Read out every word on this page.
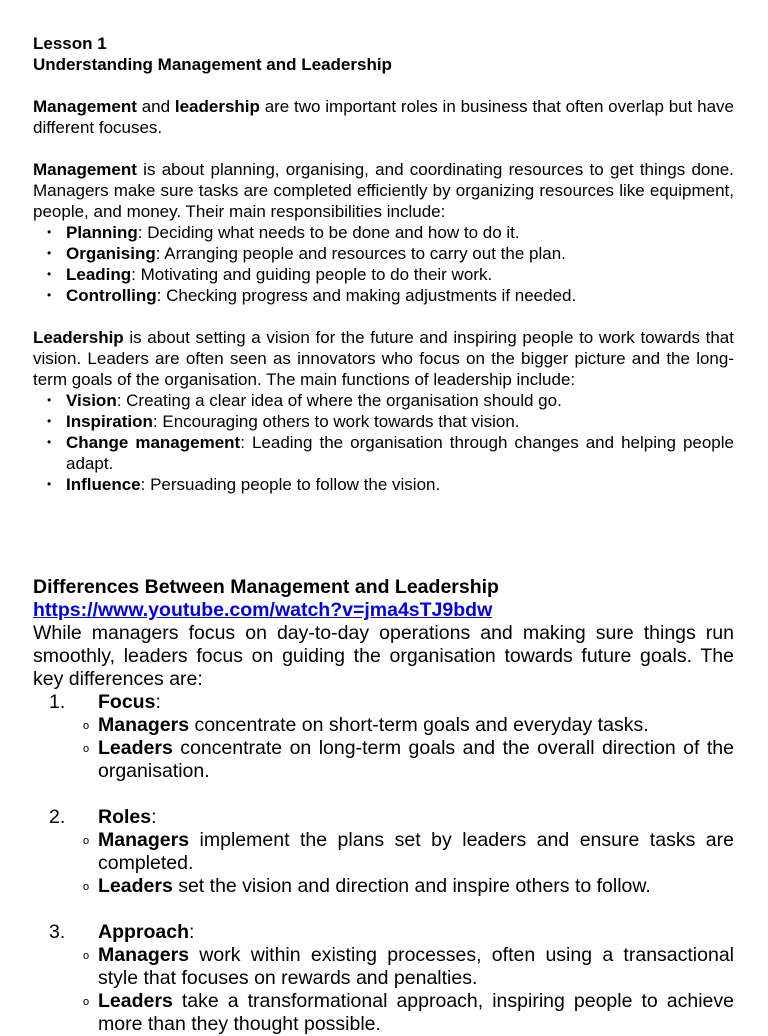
Lesson 1
Understanding Management and Leadership
Management and leadership are two important roles in business that often overlap but have different focuses.
Management is about planning, organising, and coordinating resources to get things done. Managers make sure tasks are completed efficiently by organizing resources like equipment, people, and money. Their main responsibilities include:
• Planning: Deciding what needs to be done and how to do it.
• Organising: Arranging people and resources to carry out the plan.
• Leading: Motivating and guiding people to do their work.
• Controlling: Checking progress and making adjustments if needed.
Leadership is about setting a vision for the future and inspiring people to work towards that vision. Leaders are often seen as innovators who focus on the bigger picture and the long-term goals of the organisation. The main functions of leadership include:
• Vision: Creating a clear idea of where the organisation should go.
• Inspiration: Encouraging others to work towards that vision.
• Change management: Leading the organisation through changes and helping people adapt.
• Influence: Persuading people to follow the vision.
Differences Between Management and Leadership
https://www.youtube.com/watch?v=jma4sTJ9bdw
While managers focus on day-to-day operations and making sure things run smoothly, leaders focus on guiding the organisation towards future goals. The key differences are:
1. Focus:
o Managers concentrate on short-term goals and everyday tasks.
o Leaders concentrate on long-term goals and the overall direction of the organisation.
2. Roles:
o Managers implement the plans set by leaders and ensure tasks are completed.
o Leaders set the vision and direction and inspire others to follow.
3. Approach:
o Managers work within existing processes, often using a transactional style that focuses on rewards and penalties.
o Leaders take a transformational approach, inspiring people to achieve more than they thought possible.
